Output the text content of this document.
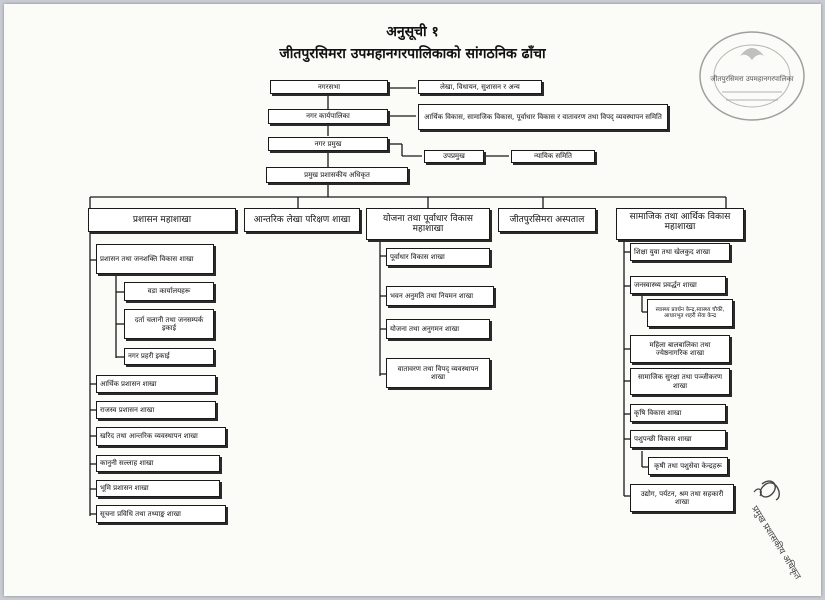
अनुसूची १
जीतपुरसिमरा उपमहानगरपालिकाको सांगठनिक ढाँचा
नगरसभा	लेखा, विधायन, सुशासन र अन्य
नगर कार्यपालिका	आर्थिक विकास, सामाजिक विकास, पूर्वाधार विकास र वातावरण तथा विपद् व्यवस्थापन समिति
नगर प्रमुख
उपप्रमुख	न्यायिक समिति
प्रमुख प्रशासकीय अधिकृत
प्रशासन महाशाखा	आन्तरिक लेखा परिक्षण शाखा	योजना तथा पूर्वाधार विकास महाशाखा
जीतपुरसिमरा अस्पताल	सामाजिक तथा आर्थिक विकास महाशाखा
प्रशासन तथा जनशक्ति विकास शाखा
वडा कार्यालयहरू
दर्ता चलानी तथा जनसम्पर्क इकाई
नगर प्रहरी इकाई
आर्थिक प्रशासन शाखा
राजस्व प्रशासन शाखा
खरिद तथा आन्तरिक व्यवस्थापन शाखा
कानुनी सल्लाह शाखा
भूमि प्रशासन शाखा
सूचना प्रविधि तथा तथ्याङ्क शाखा
पूर्वाधार विकास शाखा
भवन अनुमति तथा नियमन शाखा
योजना तथा अनुगमन शाखा
वातावरण तथा विपद् व्यवस्थापन शाखा
शिक्षा युवा तथा खेलकुद शाखा
जनस्वास्थ्य प्रवर्द्धन शाखा
स्वास्थ्य प्रवर्धन केन्द्र,स्वास्थ्य चौकी, आधारभूत शहरी सेवा केन्द्र
महिला बालबालिका तथा ज्येष्ठनागरिक शाखा
सामाजिक सुरक्षा तथा पञ्जीकरण शाखा
कृषि विकास शाखा
पशुपन्छी विकास शाखा
कृषी तथा पशुसेवा केन्द्रहरू
उद्योग, पर्यटन, श्रम तथा सहकारी शाखा
जीतपुरसिमरा उपमहानगरपालिका
प्रमुख प्रशासकीय अधिकृत
